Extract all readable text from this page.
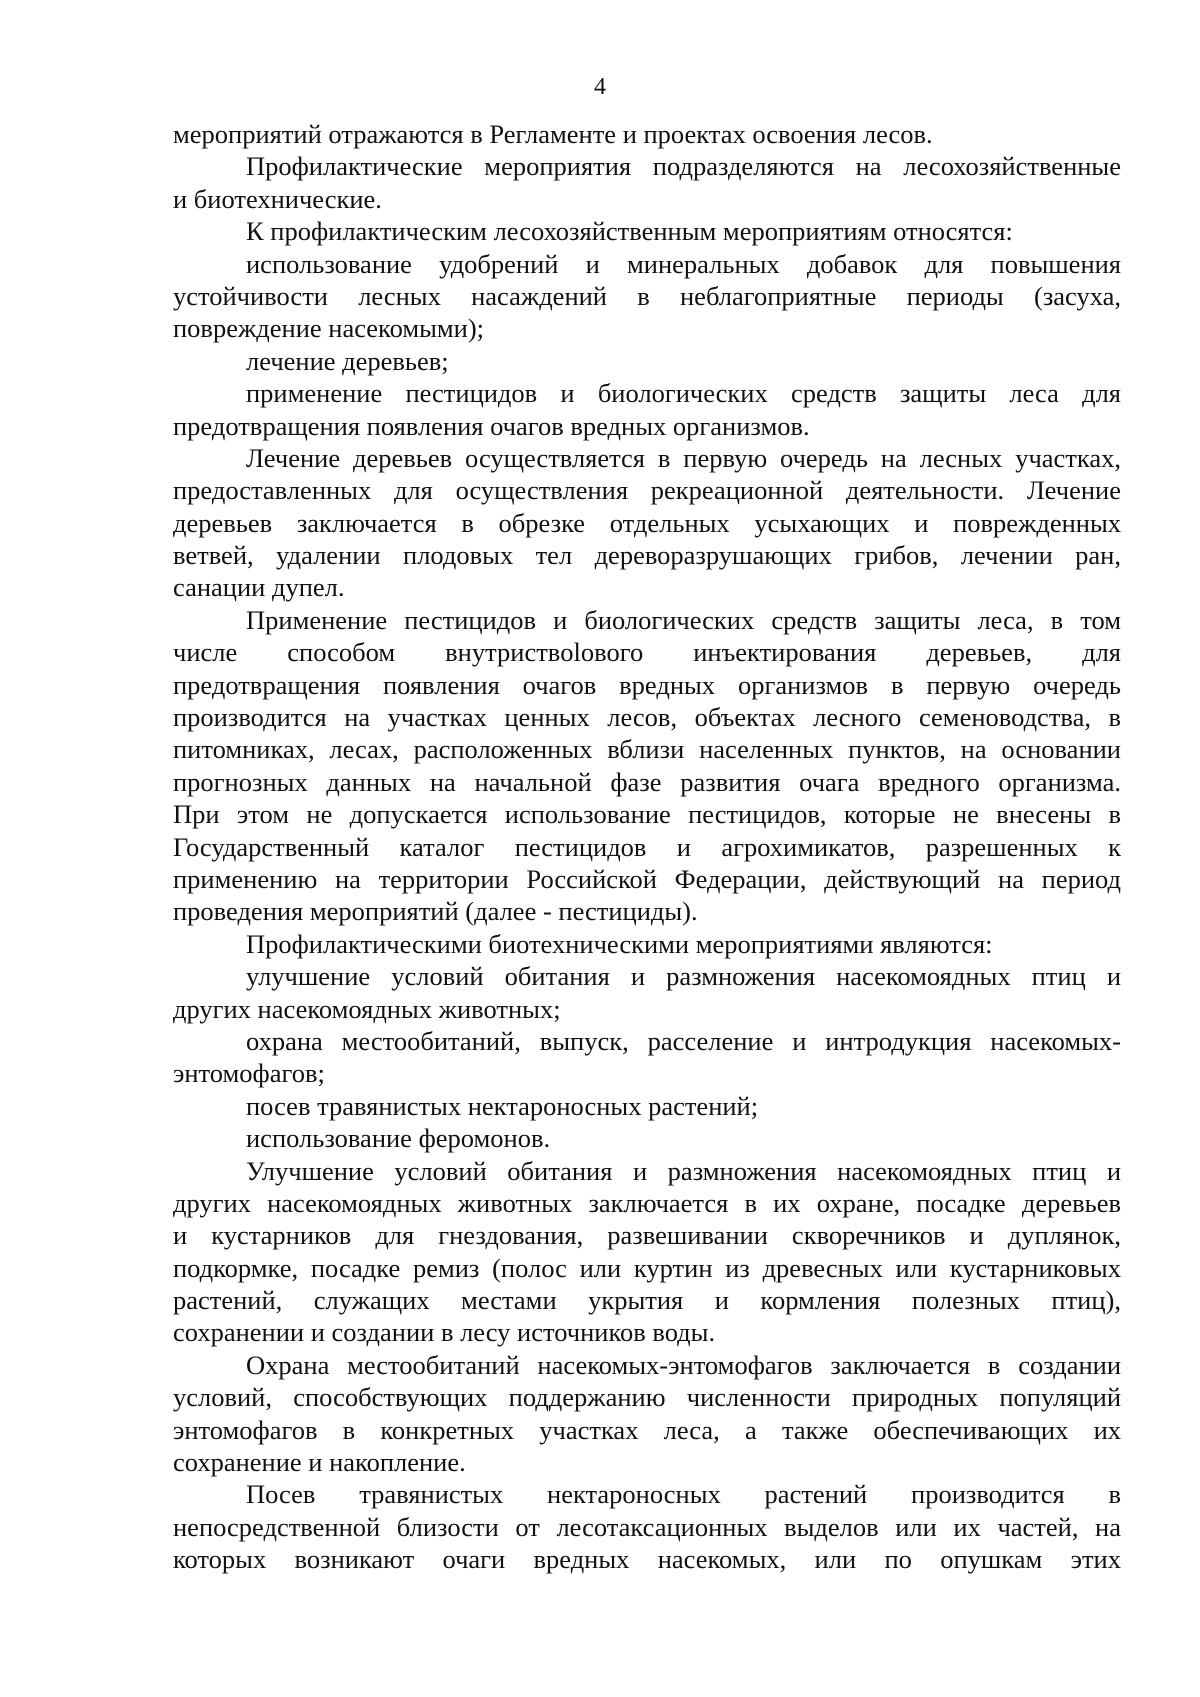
4
мероприятий отражаются в Регламенте и проектах освоения лесов.
Профилактические мероприятия подразделяются на лесохозяйственные
и биотехнические.
К профилактическим лесохозяйственным мероприятиям относятся:
использование удобрений и минеральных добавок для повышения
устойчивости лесных насаждений в неблагоприятные периоды (засуха,
повреждение насекомыми);
лечение деревьев;
применение пестицидов и биологических средств защиты леса для
предотвращения появления очагов вредных организмов.
Лечение деревьев осуществляется в первую очередь на лесных участках,
предоставленных для осуществления рекреационной деятельности. Лечение
деревьев заключается в обрезке отдельных усыхающих и поврежденных
ветвей, удалении плодовых тел дереворазрушающих грибов, лечении ран,
санации дупел.
Применение пестицидов и биологических средств защиты леса, в том
числе способом внутриствolового инъектирования деревьев, для
предотвращения появления очагов вредных организмов в первую очередь
производится на участках ценных лесов, объектах лесного семеноводства, в
питомниках, лесах, расположенных вблизи населенных пунктов, на основании
прогнозных данных на начальной фазе развития очага вредного организма.
При этом не допускается использование пестицидов, которые не внесены в
Государственный каталог пестицидов и агрохимикатов, разрешенных к
применению на территории Российской Федерации, действующий на период
проведения мероприятий (далее - пестициды).
Профилактическими биотехническими мероприятиями являются:
улучшение условий обитания и размножения насекомоядных птиц и
других насекомоядных животных;
охрана местообитаний, выпуск, расселение и интродукция насекомых-
энтомофагов;
посев травянистых нектароносных растений;
использование феромонов.
Улучшение условий обитания и размножения насекомоядных птиц и
других насекомоядных животных заключается в их охране, посадке деревьев
и кустарников для гнездования, развешивании скворечников и дуплянок,
подкормке, посадке ремиз (полос или куртин из древесных или кустарниковых
растений, служащих местами укрытия и кормления полезных птиц),
сохранении и создании в лесу источников воды.
Охрана местообитаний насекомых-энтомофагов заключается в создании
условий, способствующих поддержанию численности природных популяций
энтомофагов в конкретных участках леса, а также обеспечивающих их
сохранение и накопление.
Посев травянистых нектароносных растений производится в
непосредственной близости от лесотаксационных выделов или их частей, на
которых возникают очаги вредных насекомых, или по опушкам этих
